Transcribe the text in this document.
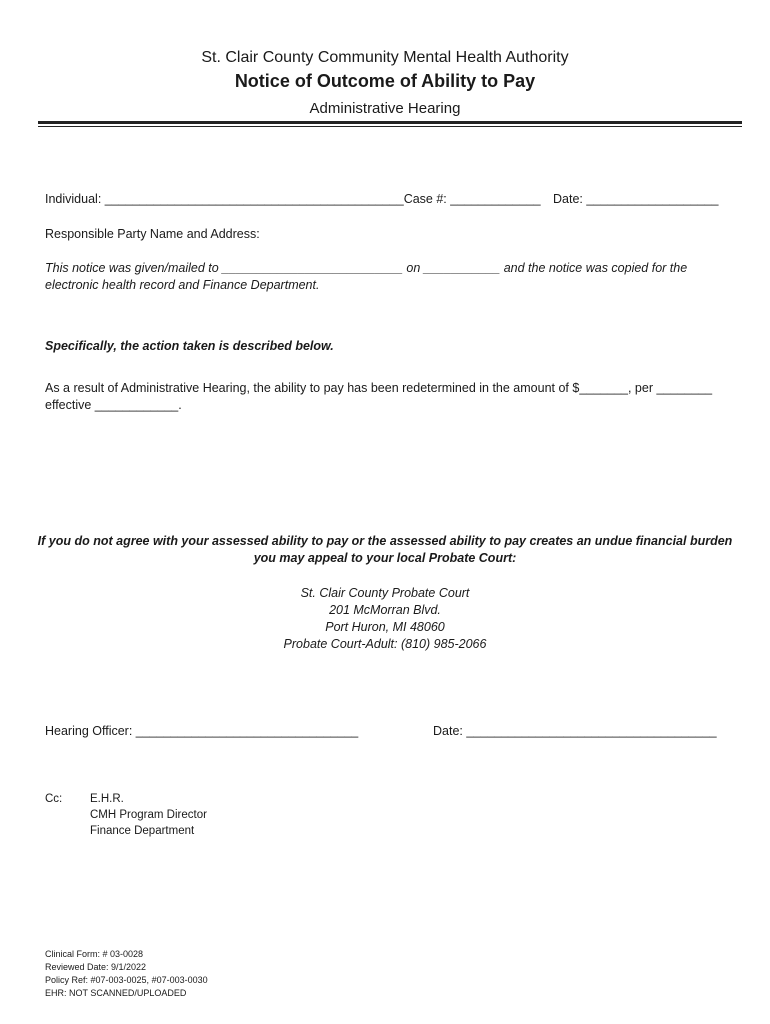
St. Clair County Community Mental Health Authority
Notice of Outcome of Ability to Pay
Administrative Hearing
Individual: ___________________________________________Case #: _____________ Date: ___________________
Responsible Party Name and Address:
This notice was given/mailed to __________________________ on ___________ and the notice was copied for the
electronic health record and Finance Department.
Specifically, the action taken is described below.
As a result of Administrative Hearing, the ability to pay has been redetermined in the amount of $_______, per ________
effective ____________.
If you do not agree with your assessed ability to pay or the assessed ability to pay creates an undue financial burden
you may appeal to your local Probate Court:
St. Clair County Probate Court
201 McMorran Blvd.
Port Huron, MI 48060
Probate Court-Adult: (810) 985-2066
Hearing Officer: ________________________________	Date: ____________________________________
Cc: E.H.R.
CMH Program Director
Finance Department
Clinical Form: # 03-0028
Reviewed Date: 9/1/2022
Policy Ref: #07-003-0025, #07-003-0030
EHR: NOT SCANNED/UPLOADED
